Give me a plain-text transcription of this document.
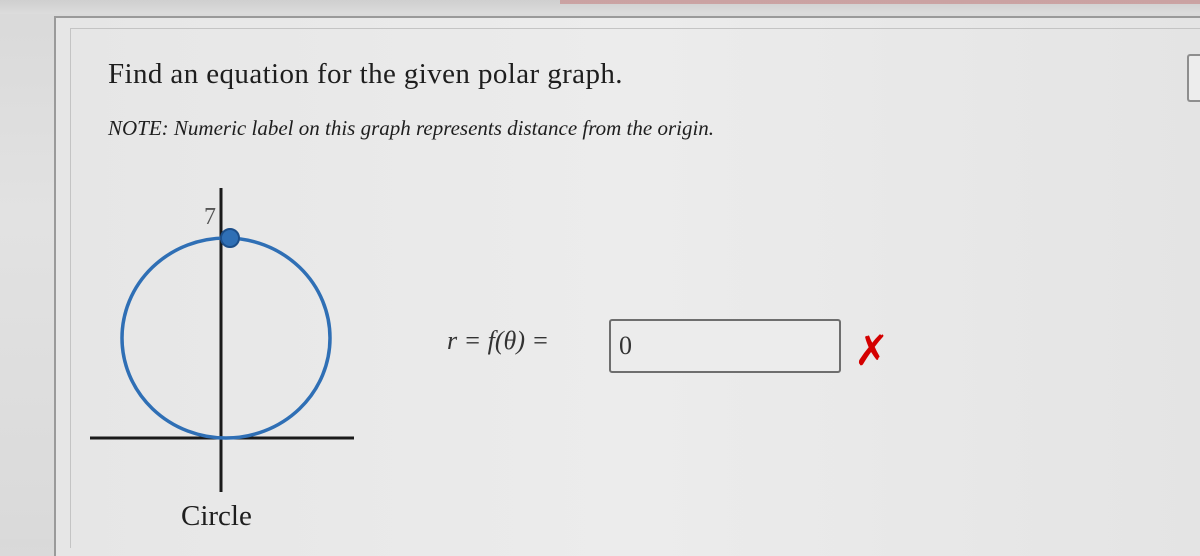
Find an equation for the given polar graph.
NOTE: Numeric label on this graph represents distance from the origin.
7
Circle
r = f(θ) =
0	✗
